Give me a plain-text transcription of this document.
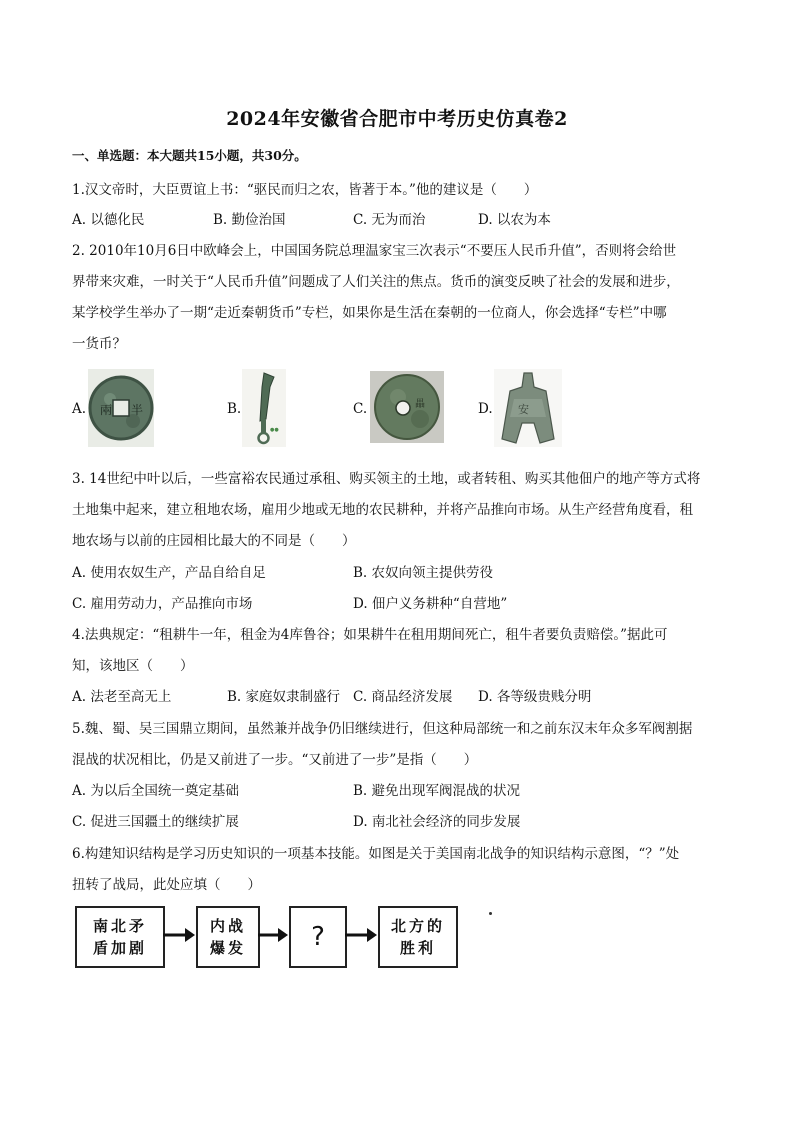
2024年安徽省合肥市中考历史仿真卷2
一、单选题：本大题共15小题，共30分。
1.汉文帝时，大臣贾谊上书：“驱民而归之农，皆著于本。”他的建议是（　　）
A. 以德化民	B. 勤俭治国	C. 无为而治	D. 以农为本
2. 2010年10月6日中欧峰会上，中国国务院总理温家宝三次表示“不要压人民币升值”，否则将会给世
界带来灾难，一时关于“人民币升值”问题成了人们关注的焦点。货币的演变反映了社会的发展和进步，
某学校学生举办了一期“走近秦朝货币”专栏，如果你是生活在秦朝的一位商人，你会选择“专栏”中哪
一货币？
A. 兩 半	B.
●●
C.	畾	D. 安
3. 14世纪中叶以后，一些富裕农民通过承租、购买领主的土地，或者转租、购买其他佃户的地产等方式将
土地集中起来，建立租地农场，雇用少地或无地的农民耕种，并将产品推向市场。从生产经营角度看，租
地农场与以前的庄园相比最大的不同是（　　）
A. 使用农奴生产，产品自给自足	B. 农奴向领主提供劳役
C. 雇用劳动力，产品推向市场	D. 佃户义务耕种“自营地”
4.法典规定：“租耕牛一年，租金为4库鲁谷；如果耕牛在租用期间死亡，租牛者要负责赔偿。”据此可
知，该地区（　　）
A. 法老至高无上	B. 家庭奴隶制盛行 C. 商品经济发展 D. 各等级贵贱分明
5.魏、蜀、吴三国鼎立期间，虽然兼并战争仍旧继续进行，但这种局部统一和之前东汉末年众多军阀割据
混战的状况相比，仍是又前进了一步。“又前进了一步”是指（　　）
A. 为以后全国统一奠定基础	B. 避免出现军阀混战的状况
C. 促进三国疆土的继续扩展	D. 南北社会经济的同步发展
6.构建知识结构是学习历史知识的一项基本技能。如图是关于美国南北战争的知识结构示意图，“？”处
扭转了战局，此处应填（　　）
南北矛
盾加剧
内战
爆发	?	北方的
胜利
